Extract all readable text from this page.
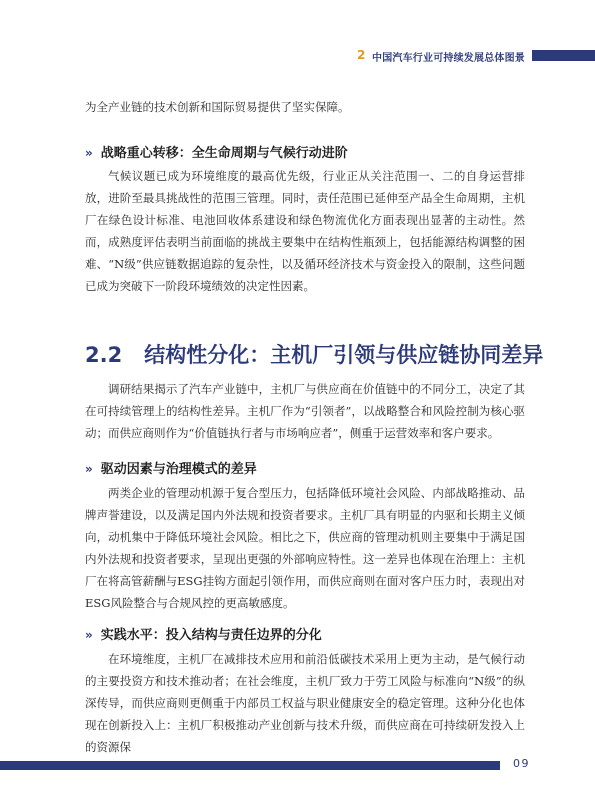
2 中国汽车行业可持续发展总体图景

为全产业链的技术创新和国际贸易提供了坚实保障。

» 战略重心转移：全生命周期与气候行动进阶

气候议题已成为环境维度的最高优先级，行业正从关注范围一、二的自身运营排放，进阶至最具挑战性的范围三管理。同时，责任范围已延伸至产品全生命周期，主机厂在绿色设计标准、电池回收体系建设和绿色物流优化方面表现出显著的主动性。然而，成熟度评估表明当前面临的挑战主要集中在结构性瓶颈上，包括能源结构调整的困难、“N级”供应链数据追踪的复杂性，以及循环经济技术与资金投入的限制，这些问题已成为突破下一阶段环境绩效的决定性因素。

2.2 结构性分化：主机厂引领与供应链协同差异

调研结果揭示了汽车产业链中，主机厂与供应商在价值链中的不同分工，决定了其在可持续管理上的结构性差异。主机厂作为“引领者”，以战略整合和风险控制为核心驱动；而供应商则作为“价值链执行者与市场响应者”，侧重于运营效率和客户要求。

» 驱动因素与治理模式的差异

两类企业的管理动机源于复合型压力，包括降低环境社会风险、内部战略推动、品牌声誉建设，以及满足国内外法规和投资者要求。主机厂具有明显的内驱和长期主义倾向，动机集中于降低环境社会风险。相比之下，供应商的管理动机则主要集中于满足国内外法规和投资者要求，呈现出更强的外部响应特性。这一差异也体现在治理上：主机厂在将高管薪酬与ESG挂钩方面起引领作用，而供应商则在面对客户压力时，表现出对ESG风险整合与合规风控的更高敏感度。

» 实践水平：投入结构与责任边界的分化

在环境维度，主机厂在减排技术应用和前沿低碳技术采用上更为主动，是气候行动的主要投资方和技术推动者；在社会维度，主机厂致力于劳工风险与标准向“N级”的纵深传导，而供应商则更侧重于内部员工权益与职业健康安全的稳定管理。这种分化也体现在创新投入上：主机厂积极推动产业创新与技术升级，而供应商在可持续研发投入上的资源保

‹ 09
